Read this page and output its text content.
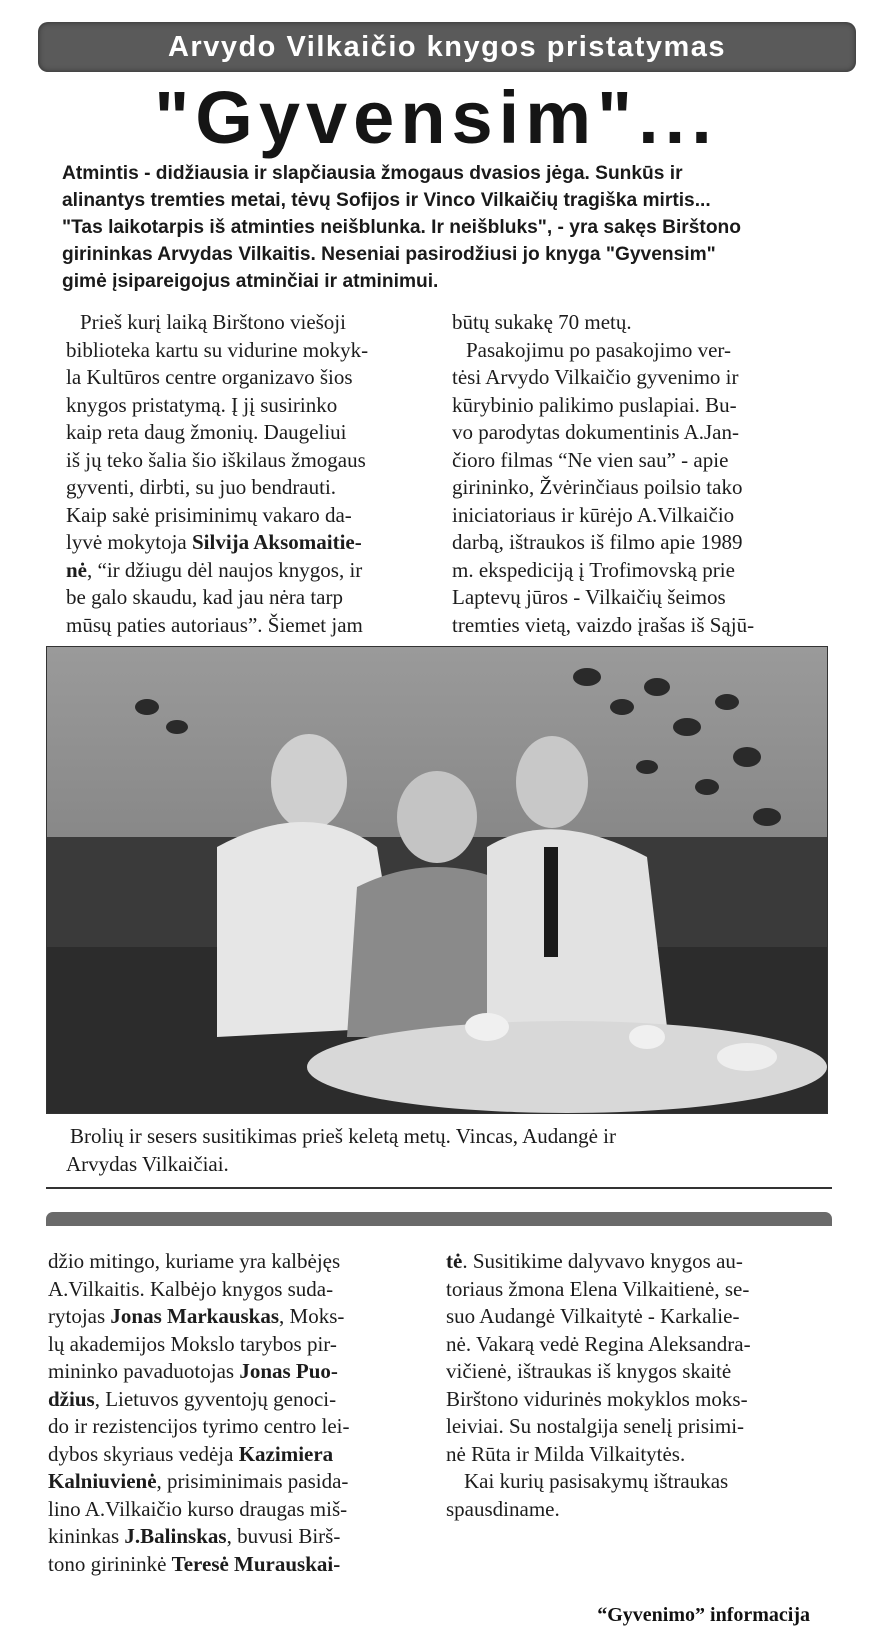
Arvydo Vilkaičio knygos pristatymas
"Gyvensim"...
Atmintis - didžiausia ir slapčiausia žmogaus dvasios jėga. Sunkūs ir
alinantys tremties metai, tėvų Sofijos ir Vinco Vilkaičių tragiška mirtis...
"Tas laikotarpis iš atminties neišblunka. Ir neišbluks", - yra sakęs Birštono
girininkas Arvydas Vilkaitis. Neseniai pasirodžiusi jo knyga "Gyvensim"
gimė įsipareigojus atminčiai ir atminimui.
Prieš kurį laiką Birštono viešoji
biblioteka kartu su vidurine mokyk-
la Kultūros centre organizavo šios
knygos pristatymą. Į jį susirinko
kaip reta daug žmonių. Daugeliui
iš jų teko šalia šio iškilaus žmogaus
gyventi, dirbti, su juo bendrauti.
Kaip sakė prisiminimų vakaro da-
lyvė mokytoja Silvija Aksomaitie-
nė, “ir džiugu dėl naujos knygos, ir
be galo skaudu, kad jau nėra tarp
mūsų paties autoriaus”. Šiemet jam
būtų sukakę 70 metų.
Pasakojimu po pasakojimo ver-
tėsi Arvydo Vilkaičio gyvenimo ir
kūrybinio palikimo puslapiai. Bu-
vo parodytas dokumentinis A.Jan-
čioro filmas “Ne vien sau” - apie
girininko, Žvėrinčiaus poilsio tako
iniciatoriaus ir kūrėjo A.Vilkaičio
darbą, ištraukos iš filmo apie 1989
m. ekspediciją į Trofimovską prie
Laptevų jūros - Vilkaičių šeimos
tremties vietą, vaizdo įrašas iš Sąjū-
Brolių ir sesers susitikimas prieš keletą metų. Vincas, Audangė ir
Arvydas Vilkaičiai.
džio mitingo, kuriame yra kalbėjęs
A.Vilkaitis. Kalbėjo knygos suda-
rytojas Jonas Markauskas, Moks-
lų akademijos Mokslo tarybos pir-
mininko pavaduotojas Jonas Puo-
džius, Lietuvos gyventojų genoci-
do ir rezistencijos tyrimo centro lei-
dybos skyriaus vedėja Kazimiera
Kalniuvienė, prisiminimais pasida-
lino A.Vilkaičio kurso draugas miš-
kininkas J.Balinskas, buvusi Birš-
tono girininkė Teresė Murauskai-
tė. Susitikime dalyvavo knygos au-
toriaus žmona Elena Vilkaitienė, se-
suo Audangė Vilkaitytė - Karkalie-
nė. Vakarą vedė Regina Aleksandra-
vičienė, ištraukas iš knygos skaitė
Birštono vidurinės mokyklos moks-
leiviai. Su nostalgija senelį prisimi-
nė Rūta ir Milda Vilkaitytės.
Kai kurių pasisakymų ištraukas
spausdiname.
“Gyvenimo” informacija
